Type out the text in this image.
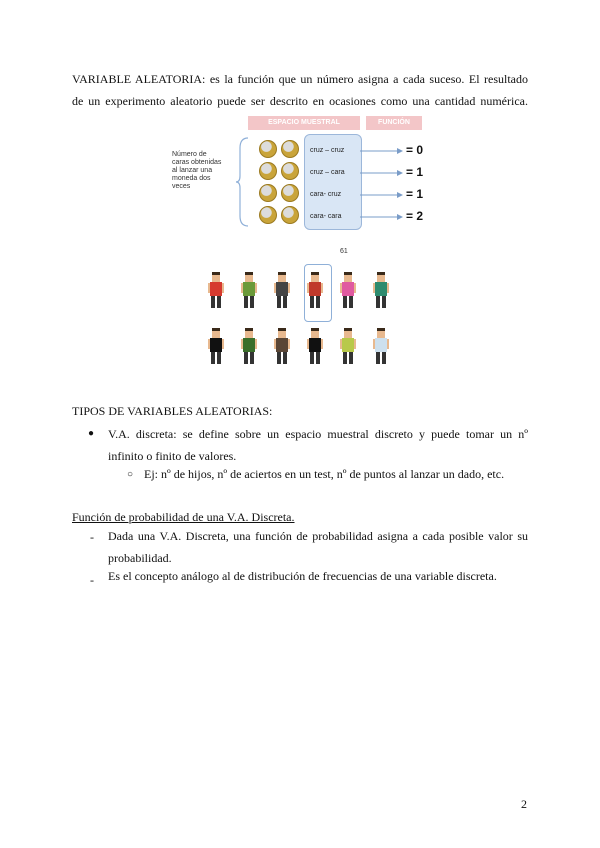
VARIABLE ALEATORIA: es la función que un número asigna a cada suceso. El resultado
de un experimento aleatorio puede ser descrito en ocasiones como una cantidad numérica.
ESPACIO MUESTRAL	FUNCIÓN
Número de
caras obtenidas
al lanzar una
moneda dos
veces
cruz – cruz
cruz – cara
cara- cruz
cara- cara
= 0
= 1
= 1
= 2
61
TIPOS DE VARIABLES ALEATORIAS:
● V.A. discreta: se define sobre un espacio muestral discreto y puede tomar un nº
infinito o finito de valores.
○ Ej: nº de hijos, nº de aciertos en un test, nº de puntos al lanzar un dado, etc.
Función de probabilidad de una V.A. Discreta.
- Dada una V.A. Discreta, una función de probabilidad asigna a cada posible valor su
probabilidad.
- Es el concepto análogo al de distribución de frecuencias de una variable discreta.
2
